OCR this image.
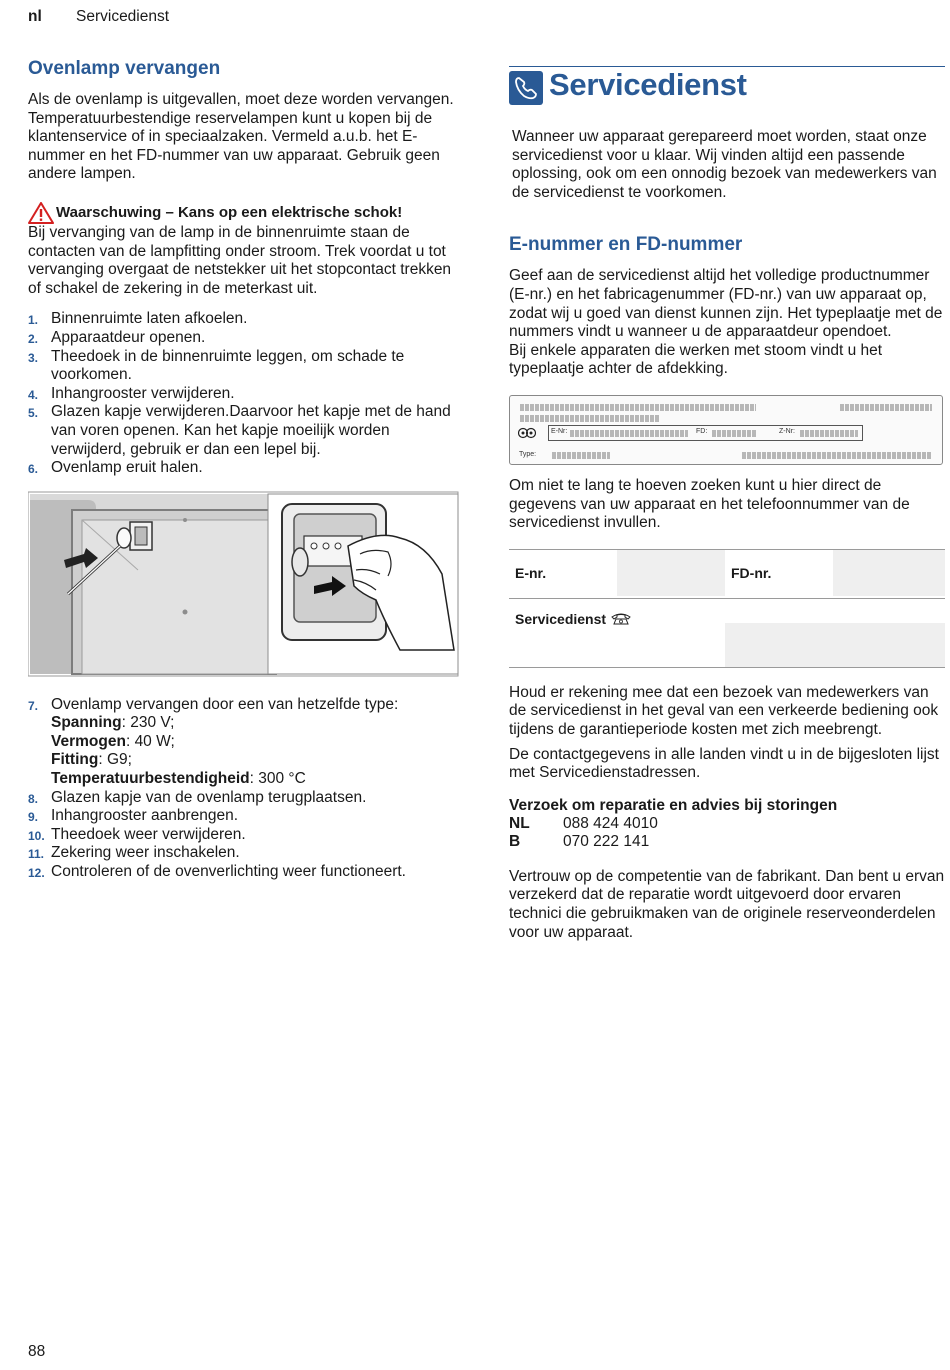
nl Servicedienst
Ovenlamp vervangen

Als de ovenlamp is uitgevallen, moet deze worden vervangen. Temperatuurbestendige reservelampen kunt u kopen bij de klantenservice of in speciaalzaken. Vermeld a.u.b. het E-nummer en het FD-nummer van uw apparaat. Gebruik geen andere lampen.

Waarschuwing – Kans op een elektrische schok!

Bij vervanging van de lamp in de binnenruimte staan de contacten van de lampfitting onder stroom. Trek voordat u tot vervanging overgaat de netstekker uit het stopcontact trekken of schakel de zekering in de meterkast uit.

1. Binnenruimte laten afkoelen.
2. Apparaatdeur openen.
3. Theedoek in de binnenruimte leggen, om schade te voorkomen.
4. Inhangrooster verwijderen.
5. Glazen kapje verwijderen.Daarvoor het kapje met de hand van voren openen. Kan het kapje moeilijk worden verwijderd, gebruik er dan een lepel bij.
6. Ovenlamp eruit halen.
7. Ovenlamp vervangen door een van hetzelfde type:
Spanning: 230 V;
Vermogen: 40 W;
Fitting: G9;
Temperatuurbestendigheid: 300 °C
8. Glazen kapje van de ovenlamp terugplaatsen.
9. Inhangrooster aanbrengen.
10. Theedoek weer verwijderen.
11. Zekering weer inschakelen.
12. Controleren of de ovenverlichting weer functioneert.
Servicedienst

Wanneer uw apparaat gerepareerd moet worden, staat onze servicedienst voor u klaar. Wij vinden altijd een passende oplossing, ook om een onnodig bezoek van medewerkers van de servicedienst te voorkomen.

E-nummer en FD-nummer

Geef aan de servicedienst altijd het volledige productnummer (E-nr.) en het fabricagenummer (FD-nr.) van uw apparaat op, zodat wij u goed van dienst kunnen zijn. Het typeplaatje met de nummers vindt u wanneer u de apparaatdeur opendoet.

Bij enkele apparaten die werken met stoom vindt u het typeplaatje achter de afdekking.

E-Nr:	FD:	Z-Nr:
Type:

Om niet te lang te hoeven zoeken kunt u hier direct de gegevens van uw apparaat en het telefoonnummer van de servicedienst invullen.

E-nr.	FD-nr.
Servicedienst

Houd er rekening mee dat een bezoek van medewerkers van de servicedienst in het geval van een verkeerde bediening ook tijdens de garantieperiode kosten met zich meebrengt.

De contactgegevens in alle landen vindt u in de bijgesloten lijst met Servicedienstadressen.

Verzoek om reparatie en advies bij storingen
NL	088 424 4010
B	070 222 141

Vertrouw op de competentie van de fabrikant. Dan bent u ervan verzekerd dat de reparatie wordt uitgevoerd door ervaren technici die gebruikmaken van de originele reserveonderdelen voor uw apparaat.

88
